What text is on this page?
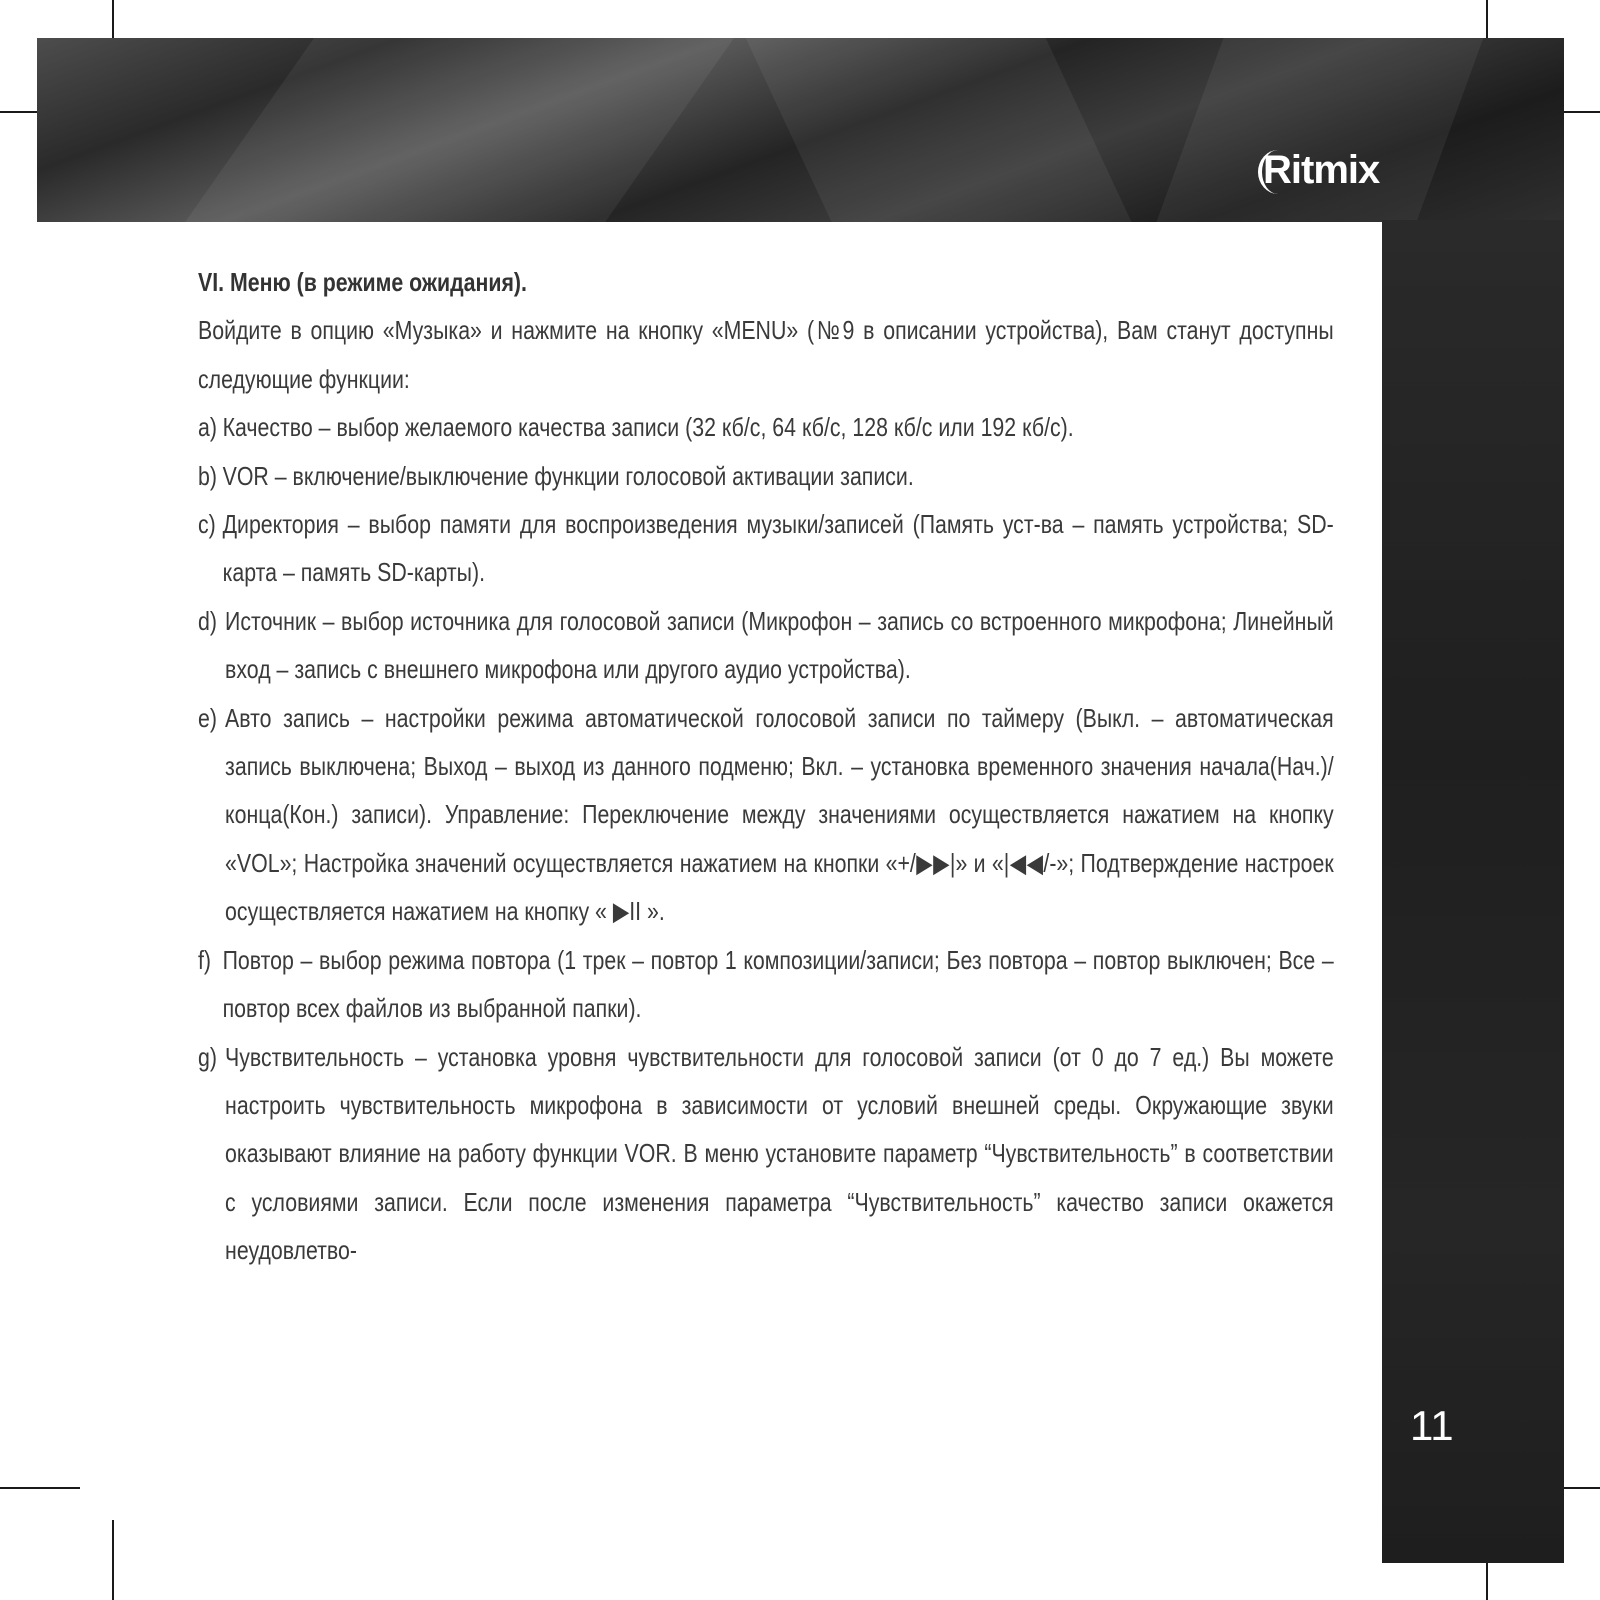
Ritmix
11

VI. Меню (в режиме ожидания).

Войдите в опцию «Музыка» и нажмите на кнопку «MENU» (№9 в описании устройства), Вам станут доступны следующие функции:

a) Качество – выбор желаемого качества записи (32 кб/с, 64 кб/с, 128 кб/с или 192 кб/с).
b) VOR – включение/выключение функции голосовой активации записи.
c) Директория – выбор памяти для воспроизведения музыки/записей (Память уст-ва – память устройства; SD-карта – память SD-карты).
d) Источник – выбор источника для голосовой записи (Микрофон – запись со встроенного микрофона; Линейный вход – запись с внешнего микрофона или другого аудио устройства).
e) Авто запись – настройки режима автоматической голосовой записи по таймеру (Выкл. – автоматическая запись выключена; Выход – выход из данного подменю; Вкл. – установка временного значения начала(Нач.)/конца(Кон.) записи). Управление: Переключение между значениями осуществляется нажатием на кнопку «VOL»; Настройка значений осуществляется нажатием на кнопки «+/▶▶|» и «|◀◀/-»; Подтверждение настроек осуществляется нажатием на кнопку « ▶II ».
f) Повтор – выбор режима повтора (1 трек – повтор 1 композиции/записи; Без повтора – повтор выключен; Все – повтор всех файлов из выбранной папки).
g) Чувствительность – установка уровня чувствительности для голосовой записи (от 0 до 7 ед.) Вы можете настроить чувствительность микрофона в зависимости от условий внешней среды. Окружающие звуки оказывают влияние на работу функции VOR. В меню установите параметр “Чувствительность” в соответствии с условиями записи. Если после изменения параметра “Чувствительность” качество записи окажется неудовлетво-
